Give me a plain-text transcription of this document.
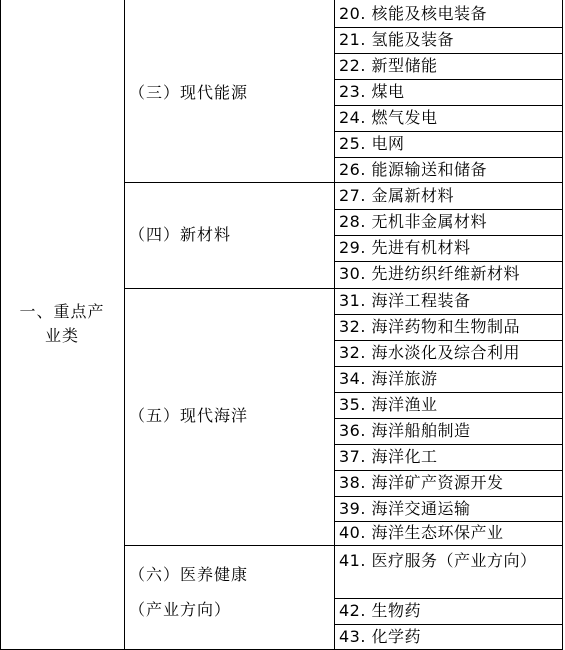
一、重点产
业类
（三）现代能源
（四）新材料
（五）现代海洋
（六）医养健康
（产业方向）
20. 核能及核电装备
21. 氢能及装备
22. 新型储能
23. 煤电
24. 燃气发电
25. 电网
26. 能源输送和储备
27. 金属新材料
28. 无机非金属材料
29. 先进有机材料
30. 先进纺织纤维新材料
31. 海洋工程装备
32. 海洋药物和生物制品
32. 海水淡化及综合利用
34. 海洋旅游
35. 海洋渔业
36. 海洋船舶制造
37. 海洋化工
38. 海洋矿产资源开发
39. 海洋交通运输
40. 海洋生态环保产业
41. 医疗服务（产业方向）
42. 生物药
43. 化学药
